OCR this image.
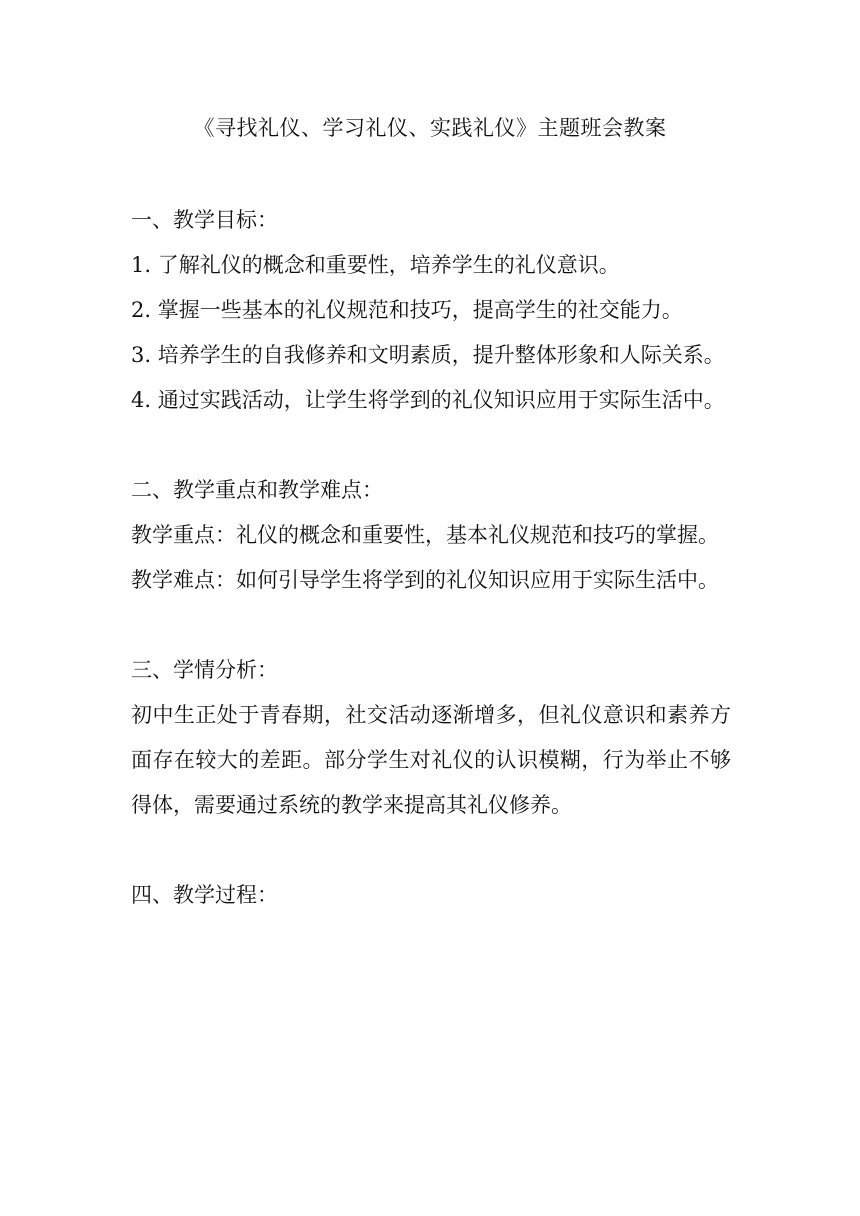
《寻找礼仪、学习礼仪、实践礼仪》主题班会教案

一、教学目标：

1. 了解礼仪的概念和重要性，培养学生的礼仪意识。

2. 掌握一些基本的礼仪规范和技巧，提高学生的社交能力。

3. 培养学生的自我修养和文明素质，提升整体形象和人际关系。

4. 通过实践活动，让学生将学到的礼仪知识应用于实际生活中。

二、教学重点和教学难点：

教学重点：礼仪的概念和重要性，基本礼仪规范和技巧的掌握。

教学难点：如何引导学生将学到的礼仪知识应用于实际生活中。

三、学情分析：

初中生正处于青春期，社交活动逐渐增多，但礼仪意识和素养方面存在较大的差距。部分学生对礼仪的认识模糊，行为举止不够得体，需要通过系统的教学来提高其礼仪修养。

四、教学过程：
